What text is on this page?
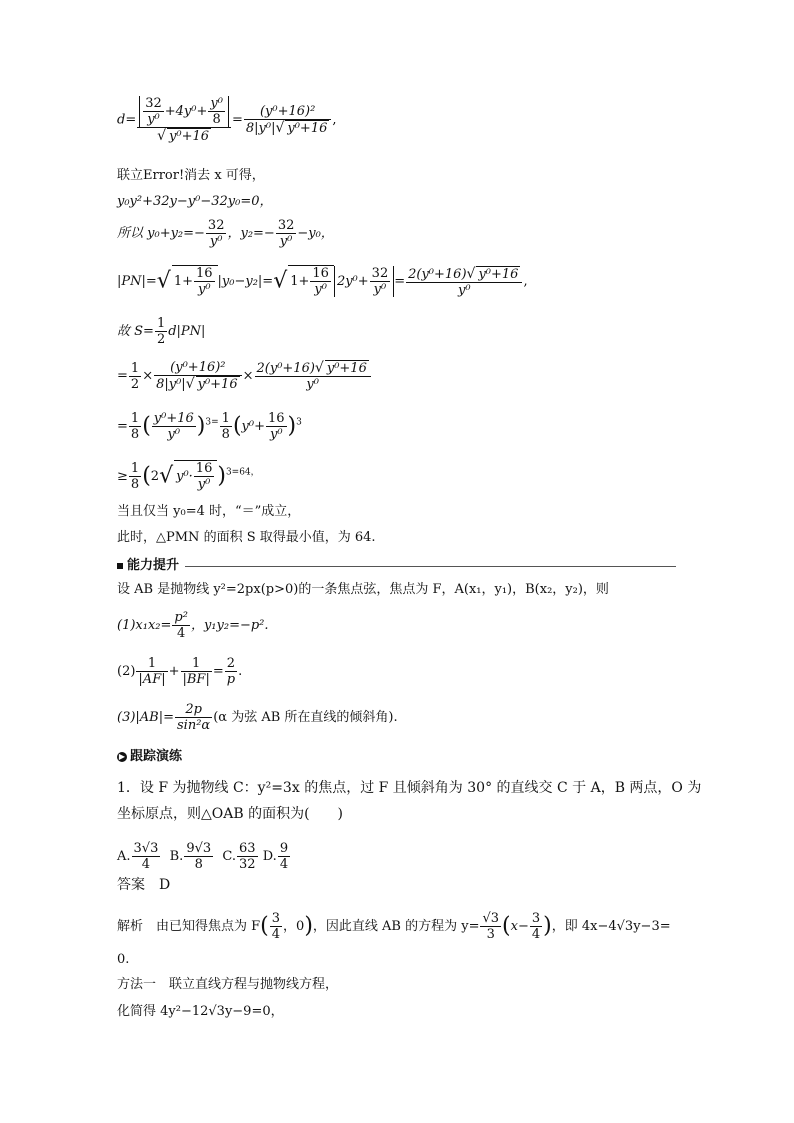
$d= \frac{\frac{32}{\text{y⁰}} +4y^0+ \frac{\text{y⁰}}{8}}{\text{√ y⁰+16}} = \frac{\text{(y⁰+16)²}}{\text{8|y⁰|√ y⁰+16}}$ ,
联立Error!消去 x 可得，
y₀y²+32y−y⁰−32y₀=0，
所以 $y_0+y_2=- \frac{32}{\text{y⁰}}$ ，$y_2=- \frac{32}{\text{y⁰}} -y_0$，
|PN|=√ $1+ \frac{16}{\text{y⁰}} |y_0-y_2|=√$ $1+ \frac{16}{\text{y⁰}} 2y^0+ \frac{32}{\text{y⁰}} = \frac{\text{2(y⁰+16)√ y⁰+16}}{\text{y⁰}}$ ,
故 $S= \frac{1}{2} d|PN|$
= $\frac{1}{2} \times \frac{\text{(y⁰+16)²}}{\text{8|y⁰|√ y⁰+16}} \times \frac{\text{2(y⁰+16)√ y⁰+16}}{\text{y⁰}}$
= $\frac{1}{8}$ ( $\frac{\text{y⁰+16}}{\text{y⁰}} )^{3=} \frac{1}{8} (y^0+ \frac{16}{\text{y⁰}} )^3$
≥ $\frac{1}{8} (2√$ $y^0\cdot \frac{16}{\text{y⁰}} )^{3=64,}$
当且仅当 y₀=4 时，“＝”成立，
此时，△PMN 的面积 S 取得最小值，为 64.
能力提升
设 AB 是抛物线 y²=2px(p>0)的一条焦点弦，焦点为 F，A(x₁，y₁)，B(x₂，y₂)，则
$(1)x_1x_2= \frac{\text{p²}}{4}$ ，y₁y₂=−p².
$(2) \frac{1}{|AF|} + \frac{1}{|BF|} = \frac{2}{p}$ .
$(3)|AB|= \frac{2p}{\text{sin²α}} (\alpha$ 为弦 AB 所在直线的倾斜角).
▶ 跟踪演练
1．设 F 为抛物线 C：y²=3x 的焦点，过 F 且倾斜角为 30° 的直线交 C 于 A，B 两点，O 为
坐标原点，则△OAB 的面积为(　　)
A. $\frac{3√3}{4} B$. $\frac{9√3}{8} C$. $\frac{63}{32} D$. $\frac{9}{4}$
答案　D
解析　由已知得焦点为 $F( \frac{3}{4}$ ，0)，因此直线 AB 的方程为 $y= \frac{√3}{3} (x- \frac{3}{4}$ )，即 4x−4√3y−3=
0.
方法一　联立直线方程与抛物线方程，
化简得 4y²−12√3y−9=0，
